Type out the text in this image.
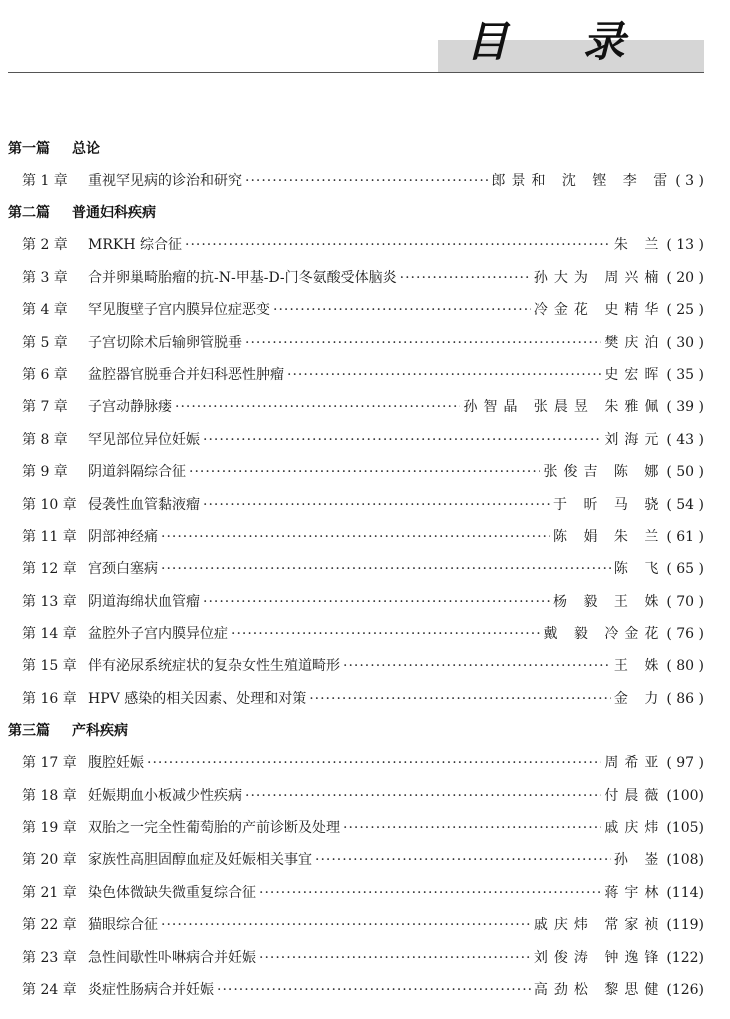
目 录
第一篇 总论
第 1 章 重视罕见病的诊治和研究 ·····	郎景和 沈 铿 李 雷 ( 3 )
第二篇 普通妇科疾病
第 2 章 MRKH 综合征 ·····	朱 兰 ( 13 )
第 3 章 合并卵巢畸胎瘤的抗-N-甲基-D-门冬氨酸受体脑炎 ·····	孙大为 周兴楠 ( 20 )
第 4 章 罕见腹壁子宫内膜异位症恶变 ·····	冷金花 史精华 ( 25 )
第 5 章 子宫切除术后输卵管脱垂 ·····	樊庆泊 ( 30 )
第 6 章 盆腔器官脱垂合并妇科恶性肿瘤 ·····	史宏晖 ( 35 )
第 7 章 子宫动静脉瘘 ·····	孙智晶 张晨昱 朱雅佩 ( 39 )
第 8 章 罕见部位异位妊娠 ·····	刘海元 ( 43 )
第 9 章 阴道斜隔综合征 ·····	张俊吉 陈 娜 ( 50 )
第 10 章 侵袭性血管黏液瘤 ·····	于 昕 马 骁 ( 54 )
第 11 章 阴部神经痛 ·····	陈 娟 朱 兰 ( 61 )
第 12 章 宫颈白塞病 ·····	陈 飞 ( 65 )
第 13 章 阴道海绵状血管瘤 ·····	杨 毅 王 姝 ( 70 )
第 14 章 盆腔外子宫内膜异位症 ·····	戴 毅 冷金花 ( 76 )
第 15 章 伴有泌尿系统症状的复杂女性生殖道畸形 ·····	王 姝 ( 80 )
第 16 章 HPV 感染的相关因素、处理和对策 ·····	金 力 ( 86 )
第三篇 产科疾病
第 17 章 腹腔妊娠 ·····	周希亚 ( 97 )
第 18 章 妊娠期血小板减少性疾病 ·····	付晨薇 (100)
第 19 章 双胎之一完全性葡萄胎的产前诊断及处理 ·····	戚庆炜 (105)
第 20 章 家族性高胆固醇血症及妊娠相关事宜 ·····	孙 崟 (108)
第 21 章 染色体微缺失微重复综合征 ·····	蒋宇林 (114)
第 22 章 猫眼综合征 ·····	戚庆炜 常家祯 (119)
第 23 章 急性间歇性卟啉病合并妊娠 ·····	刘俊涛 钟逸锋 (122)
第 24 章 炎症性肠病合并妊娠 ·····	高劲松 黎思健 (126)
